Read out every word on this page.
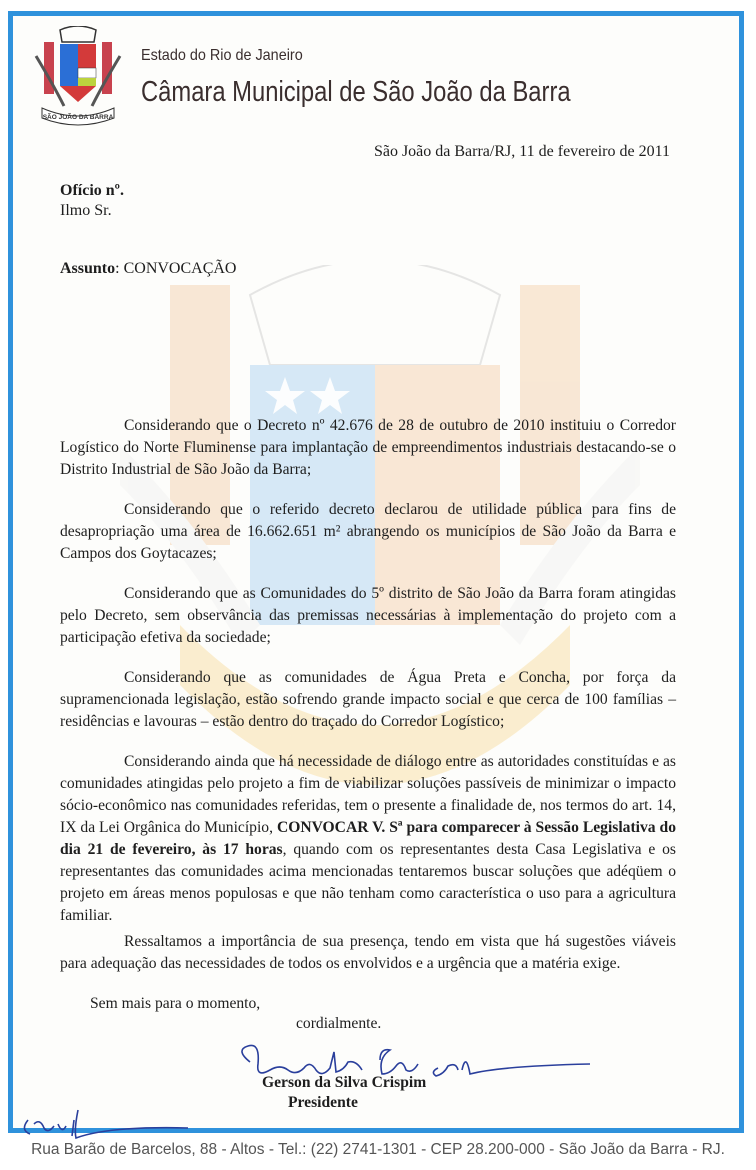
SÃO JOÃO DA BARRA
Estado do Rio de Janeiro
Câmara Municipal de São João da Barra
São João da Barra/RJ, 11 de fevereiro de 2011
Ofício nº.
Ilmo Sr.
Assunto: CONVOCAÇÃO

Considerando que o Decreto nº 42.676 de 28 de outubro de 2010 instituiu o Corredor Logístico do Norte Fluminense para implantação de empreendimentos industriais destacando-se o Distrito Industrial de São João da Barra;

Considerando que o referido decreto declarou de utilidade pública para fins de desapropriação uma área de 16.662.651 m² abrangendo os municípios de São João da Barra e Campos dos Goytacazes;

Considerando que as Comunidades do 5º distrito de São João da Barra foram atingidas pelo Decreto, sem observância das premissas necessárias à implementação do projeto com a participação efetiva da sociedade;

Considerando que as comunidades de Água Preta e Concha, por força da supramencionada legislação, estão sofrendo grande impacto social e que cerca de 100 famílias – residências e lavouras – estão dentro do traçado do Corredor Logístico;

Considerando ainda que há necessidade de diálogo entre as autoridades constituídas e as comunidades atingidas pelo projeto a fim de viabilizar soluções passíveis de minimizar o impacto sócio-econômico nas comunidades referidas, tem o presente a finalidade de, nos termos do art. 14, IX da Lei Orgânica do Município, CONVOCAR V. Sª para comparecer à Sessão Legislativa do dia 21 de fevereiro, às 17 horas, quando com os representantes desta Casa Legislativa e os representantes das comunidades acima mencionadas tentaremos buscar soluções que adéqüem o projeto em áreas menos populosas e que não tenham como característica o uso para a agricultura familiar.

Ressaltamos a importância de sua presença, tendo em vista que há sugestões viáveis para adequação das necessidades de todos os envolvidos e a urgência que a matéria exige.

Sem mais para o momento,
cordialmente.
Gerson da Silva Crispim
Presidente
Rua Barão de Barcelos, 88 - Altos - Tel.: (22) 2741-1301 - CEP 28.200-000 - São João da Barra - RJ.
